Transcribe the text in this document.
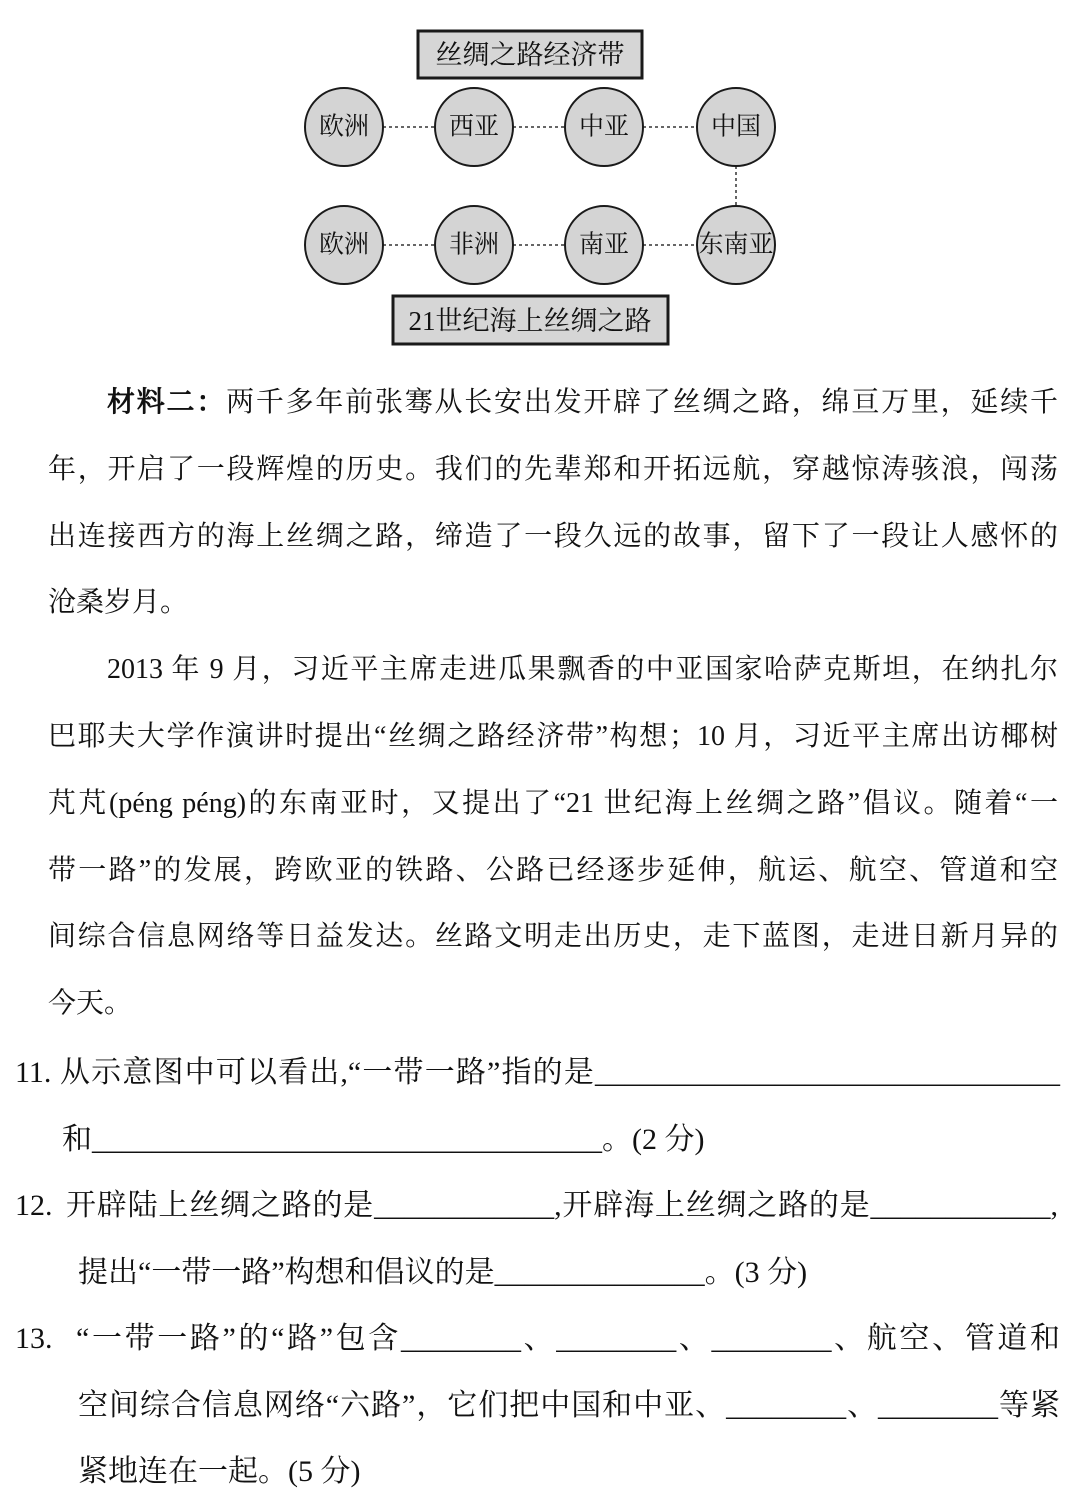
丝绸之路经济带
欧洲	西亚	中亚	中国
欧洲	非洲	南亚	东南亚
21世纪海上丝绸之路
材料二：两千多年前张骞从长安出发开辟了丝绸之路，绵亘万里，延续千
年，开启了一段辉煌的历史。我们的先辈郑和开拓远航，穿越惊涛骇浪，闯荡
出连接西方的海上丝绸之路，缔造了一段久远的故事，留下了一段让人感怀的
沧桑岁月。
2013 年 9 月，习近平主席走进瓜果飘香的中亚国家哈萨克斯坦，在纳扎尔
巴耶夫大学作演讲时提出“丝绸之路经济带”构想；10 月，习近平主席出访椰树
芃芃(péng péng)的东南亚时，又提出了“21 世纪海上丝绸之路”倡议。随着“一
带一路”的发展，跨欧亚的铁路、公路已经逐步延伸，航运、航空、管道和空
间综合信息网络等日益发达。丝路文明走出历史，走下蓝图，走进日新月异的
今天。
11. 从示意图中可以看出,“一带一路”指的是_______________________________
和__________________________________。(2 分)
12. 开辟陆上丝绸之路的是____________,开辟海上丝绸之路的是____________,
提出“一带一路”构想和倡议的是______________。(3 分)
13. “一带一路”的“路”包含________、________、________、航空、管道和
空间综合信息网络“六路”，它们把中国和中亚、________、________等紧
紧地连在一起。(5 分)
